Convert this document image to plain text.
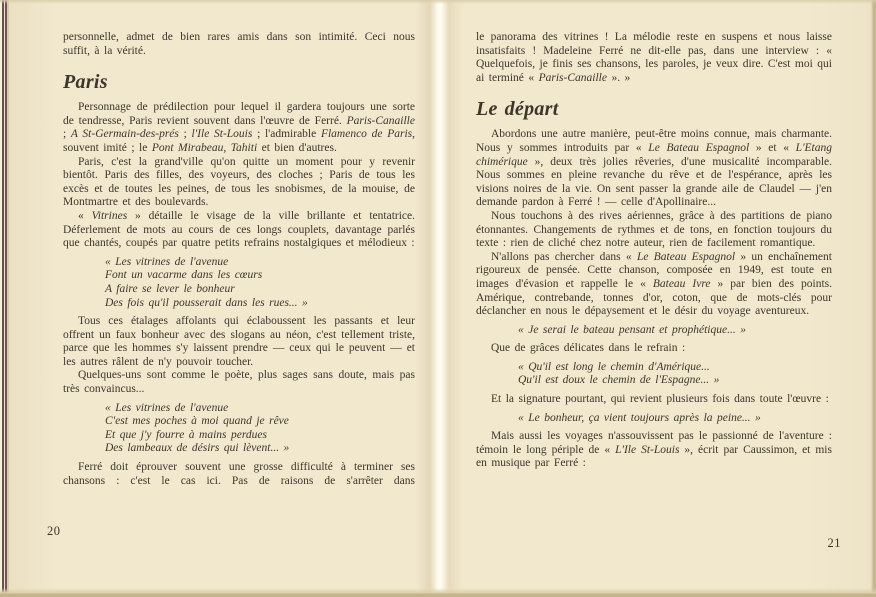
personnelle, admet de bien rares amis dans son intimité. Ceci nous suffit, à la vérité.

Paris

Personnage de prédilection pour lequel il gardera toujours une sorte de tendresse, Paris revient souvent dans l'œuvre de Ferré. Paris-Canaille ; A St-Germain-des-prés ; l'Ile St-Louis ; l'admirable Flamenco de Paris, souvent imité ; le Pont Mirabeau, Tahiti et bien d'autres.

Paris, c'est la grand'ville qu'on quitte un moment pour y revenir bientôt. Paris des filles, des voyeurs, des cloches ; Paris de tous les excès et de toutes les peines, de tous les snobismes, de la mouise, de Montmartre et des boulevards.

« Vitrines » détaille le visage de la ville brillante et tentatrice. Déferlement de mots au cours de ces longs couplets, davantage parlés que chantés, coupés par quatre petits refrains nostalgiques et mélodieux :

« Les vitrines de l'avenue
Font un vacarme dans les cœurs
A faire se lever le bonheur
Des fois qu'il pousserait dans les rues... »

Tous ces étalages affolants qui éclaboussent les passants et leur offrent un faux bonheur avec des slogans au néon, c'est tellement triste, parce que les hommes s'y laissent prendre — ceux qui le peuvent — et les autres râlent de n'y pouvoir toucher.

Quelques-uns sont comme le poète, plus sages sans doute, mais pas très convaincus...

« Les vitrines de l'avenue
C'est mes poches à moi quand je rêve
Et que j'y fourre à mains perdues
Des lambeaux de désirs qui lèvent... »

Ferré doit éprouver souvent une grosse difficulté à terminer ses chansons : c'est le cas ici. Pas de raisons de s'arrêter dans

20

le panorama des vitrines ! La mélodie reste en suspens et nous laisse insatisfaits ! Madeleine Ferré ne dit-elle pas, dans une interview : « Quelquefois, je finis ses chansons, les paroles, je veux dire. C'est moi qui ai terminé « Paris-Canaille ». »

Le départ

Abordons une autre manière, peut-être moins connue, mais charmante. Nous y sommes introduits par « Le Bateau Espagnol » et « L'Etang chimérique », deux très jolies rêveries, d'une musicalité incomparable. Nous sommes en pleine revanche du rêve et de l'espérance, après les visions noires de la vie. On sent passer la grande aile de Claudel — j'en demande pardon à Ferré ! — celle d'Apollinaire...

Nous touchons à des rives aériennes, grâce à des partitions de piano étonnantes. Changements de rythmes et de tons, en fonction toujours du texte : rien de cliché chez notre auteur, rien de facilement romantique.

N'allons pas chercher dans « Le Bateau Espagnol » un enchaînement rigoureux de pensée. Cette chanson, composée en 1949, est toute en images d'évasion et rappelle le « Bateau Ivre » par bien des points. Amérique, contrebande, tonnes d'or, coton, que de mots-clés pour déclancher en nous le dépaysement et le désir du voyage aventureux.

« Je serai le bateau pensant et prophétique... »

Que de grâces délicates dans le refrain :

« Qu'il est long le chemin d'Amérique...
Qu'il est doux le chemin de l'Espagne... »

Et la signature pourtant, qui revient plusieurs fois dans toute l'œuvre :

« Le bonheur, ça vient toujours après la peine... »

Mais aussi les voyages n'assouvissent pas le passionné de l'aventure : témoin le long périple de « L'Ile St-Louis », écrit par Caussimon, et mis en musique par Ferré :

21
